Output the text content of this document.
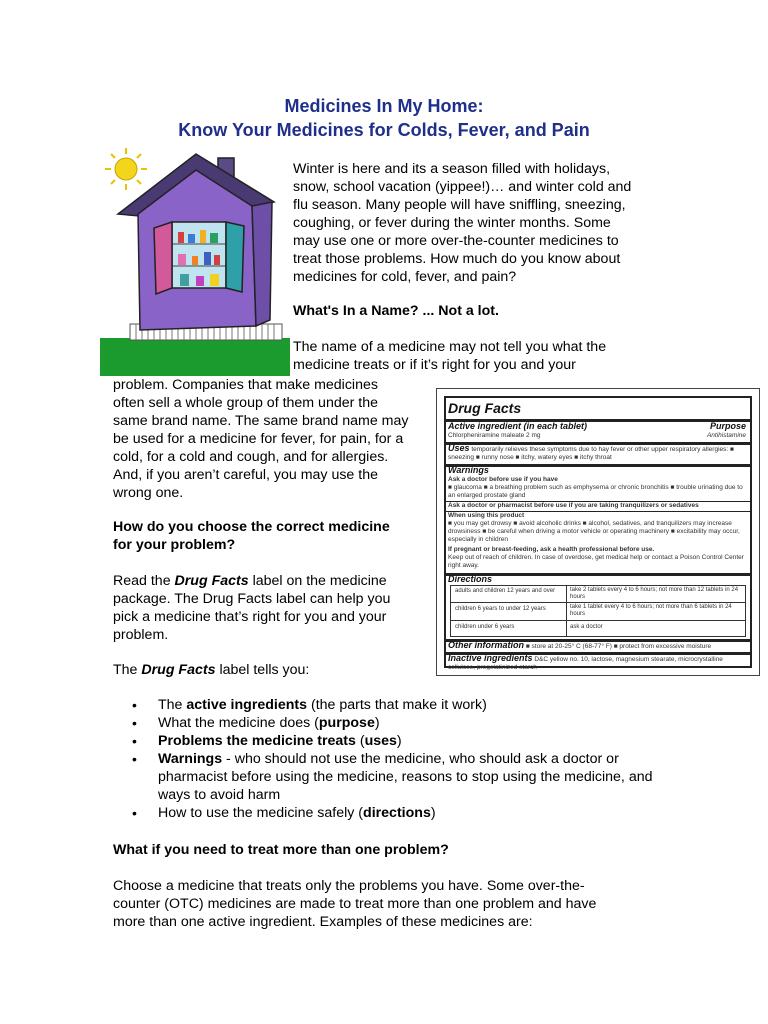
Medicines In My Home:
Know Your Medicines for Colds, Fever, and Pain
Winter is here and its a season filled with holidays,
snow, school vacation (yippee!)… and winter cold and
flu season. Many people will have sniffling, sneezing,
coughing, or fever during the winter months. Some
may use one or more over-the-counter medicines to
treat those problems. How much do you know about
medicines for cold, fever, and pain?
What's In a Name? ... Not a lot.
The name of a medicine may not tell you what the
medicine treats or if it’s right for you and your
problem. Companies that make medicines
often sell a whole group of them under the
same brand name. The same brand name may
be used for a medicine for fever, for pain, for a
cold, for a cold and cough, and for allergies.
And, if you aren’t careful, you may use the
wrong one.
How do you choose the correct medicine
for your problem?
Read the Drug Facts label on the medicine
package. The Drug Facts label can help you
pick a medicine that’s right for you and your
problem.
The Drug Facts label tells you:
• The active ingredients (the parts that make it work)
• What the medicine does (purpose)
• Problems the medicine treats (uses)
• Warnings - who should not use the medicine, who should ask a doctor or pharmacist before using the medicine, reasons to stop using the medicine, and ways to avoid harm
• How to use the medicine safely (directions)
What if you need to treat more than one problem?
Choose a medicine that treats only the problems you have. Some over-the-
counter (OTC) medicines are made to treat more than one problem and have
more than one active ingredient. Examples of these medicines are:
Drug Facts
Active ingredient (in each tablet)	Purpose
Chlorpheniramine maleate 2 mg	Antihistamine
Uses temporarily relieves these symptoms due to hay fever or other upper respiratory allergies: ■ sneezing ■ runny nose ■ itchy, watery eyes ■ itchy throat
Warnings
Ask a doctor before use if you have
■ glaucoma ■ a breathing problem such as emphysema or chronic bronchitis ■ trouble urinating due to an enlarged prostate gland
Ask a doctor or pharmacist before use if you are taking tranquilizers or sedatives
When using this product
■ you may get drowsy ■ avoid alcoholic drinks ■ alcohol, sedatives, and tranquilizers may increase drowsiness ■ be careful when driving a motor vehicle or operating machinery ■ excitability may occur, especially in children
If pregnant or breast-feeding, ask a health professional before use.
Keep out of reach of children. In case of overdose, get medical help or contact a Poison Control Center right away.
Directions
adults and children 12 years and over	take 2 tablets every 4 to 6 hours; not more than 12 tablets in 24 hours
children 6 years to under 12 years	take 1 tablet every 4 to 6 hours; not more than 6 tablets in 24 hours
children under 6 years	ask a doctor
Other information ■ store at 20-25° C (68-77° F) ■ protect from excessive moisture
Inactive ingredients D&C yellow no. 10, lactose, magnesium stearate, microcrystalline cellulose, pregelatinized starch
